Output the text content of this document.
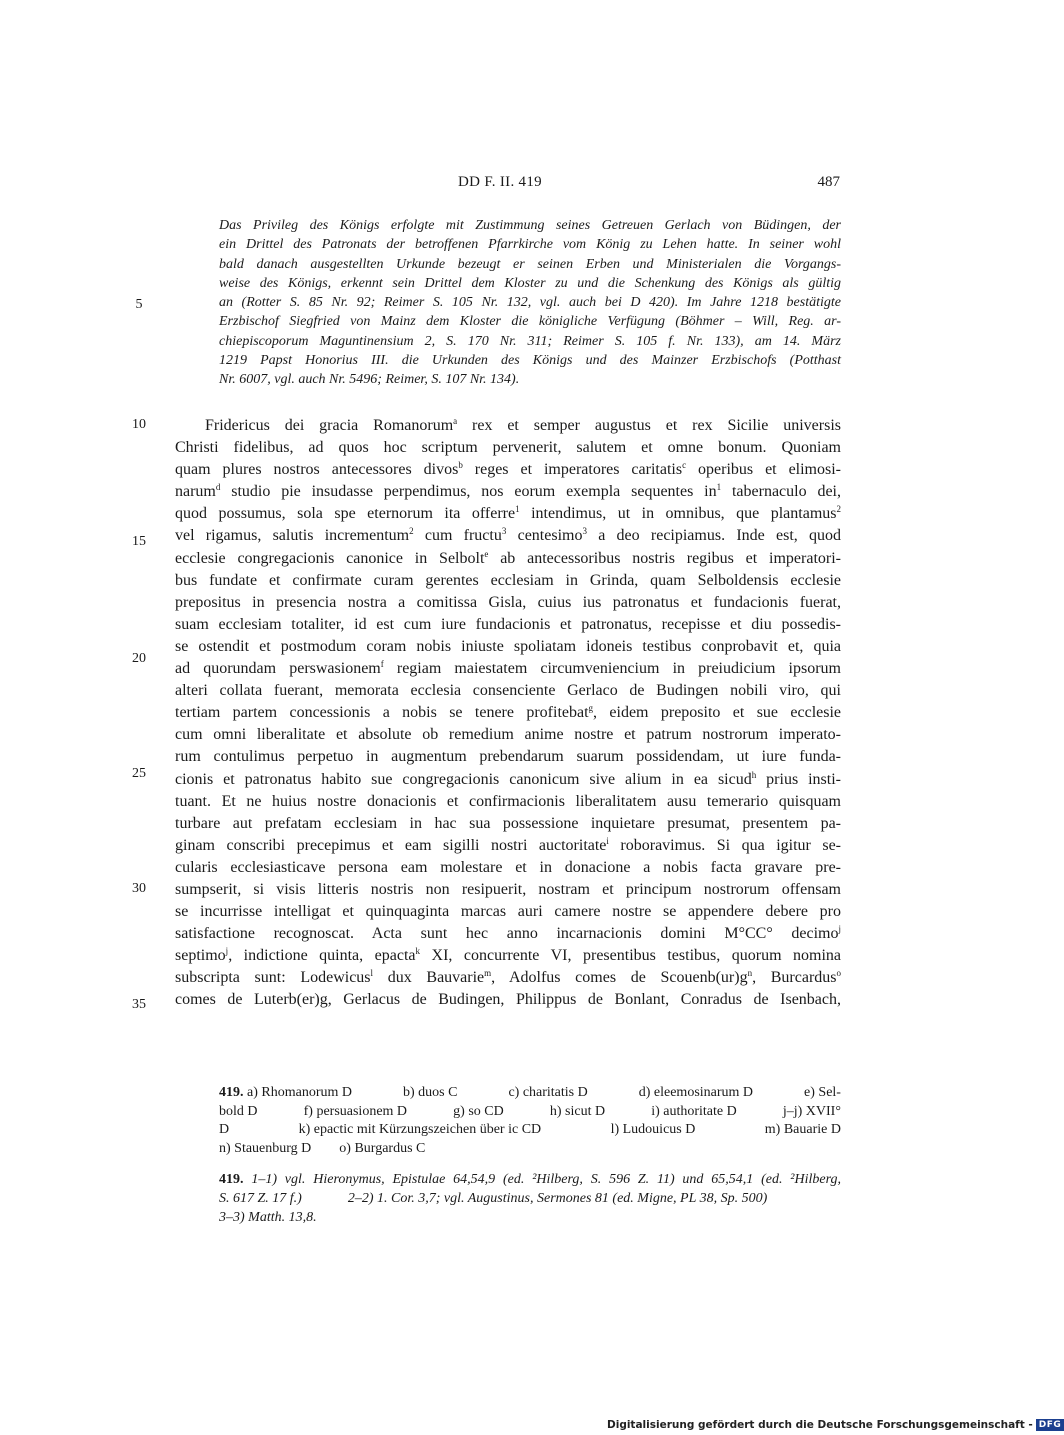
DD F. II. 419	487
Das Privileg des Königs erfolgte mit Zustimmung seines Getreuen Gerlach von Büdingen, der
ein Drittel des Patronats der betroffenen Pfarrkirche vom König zu Lehen hatte. In seiner wohl
bald danach ausgestellten Urkunde bezeugt er seinen Erben und Ministerialen die Vorgangs-
weise des Königs, erkennt sein Drittel dem Kloster zu und die Schenkung des Königs als gültig
an (Rotter S. 85 Nr. 92; Reimer S. 105 Nr. 132, vgl. auch bei D 420). Im Jahre 1218 bestätigte
Erzbischof Siegfried von Mainz dem Kloster die königliche Verfügung (Böhmer – Will, Reg. ar-
chiepiscoporum Maguntinensium 2, S. 170 Nr. 311; Reimer S. 105 f. Nr. 133), am 14. März
1219 Papst Honorius III. die Urkunden des Königs und des Mainzer Erzbischofs (Potthast
Nr. 6007, vgl. auch Nr. 5496; Reimer, S. 107 Nr. 134).
5
10
15
20
25
30
35
Fridericus dei gracia Romanorum$^a$ rex et semper augustus et rex Sicilie universis
Christi fidelibus, ad quos hoc scriptum pervenerit, salutem et omne bonum. Quoniam
quam plures nostros antecessores divos$^b$ reges et imperatores caritatis$^c$ operibus et elimosi-
narum$^d$ studio pie insudasse perpendimus, nos eorum exempla sequentes $in^1$ tabernaculo dei,
quod possumus, sola spe eternorum ita offerre$^1$ intendimus, ut in omnibus, que plantamus$^2$
vel rigamus, salutis incrementum$^2$ cum fructu$^3$ centesimo$^3$ a deo recipiamus. Inde est, quod
ecclesie congregacionis canonice in Selbolt$^e$ ab antecessoribus nostris regibus et imperatori-
bus fundate et confirmate curam gerentes ecclesiam in Grinda, quam Selboldensis ecclesie
prepositus in presencia nostra a comitissa Gisla, cuius ius patronatus et fundacionis fuerat,
suam ecclesiam totaliter, id est cum iure fundacionis et patronatus, recepisse et diu possedis-
se ostendit et postmodum coram nobis iniuste spoliatam idoneis testibus conprobavit et, quia
ad quorundam perswasionem$^f$ regiam maiestatem circumveniencium in preiudicium ipsorum
alteri collata fuerant, memorata ecclesia consenciente Gerlaco de Budingen nobili viro, qui
tertiam partem concessionis a nobis se tenere profitebat$^g$, eidem preposito et sue ecclesie
cum omni liberalitate et absolute ob remedium anime nostre et patrum nostrorum imperato-
rum contulimus perpetuo in augmentum prebendarum suarum possidendam, ut iure funda-
cionis et patronatus habito sue congregacionis canonicum sive alium in ea sicud$^h$ prius insti-
tuant. Et ne huius nostre donacionis et confirmacionis liberalitatem ausu temerario quisquam
turbare aut prefatam ecclesiam in hac sua possessione inquietare presumat, presentem pa-
ginam conscribi precepimus et eam sigilli nostri auctoritate$^i$ roboravimus. Si qua igitur se-
cularis ecclesiasticave persona eam molestare et in donacione a nobis facta gravare pre-
sumpserit, si visis litteris nostris non resipuerit, nostram et principum nostrorum offensam
se incurrisse intelligat et quinquaginta marcas auri camere nostre se appendere debere pro
satisfactione recognoscat. Acta sunt hec anno incarnacionis domini M°CC° decimo$^j$
septimo$^j$, indictione quinta, epacta$^k$ XI, concurrente VI, presentibus testibus, quorum nomina
subscripta sunt: Lodewicus$^l$ dux Bauvarie$^m$, Adolfus comes de $Scouenb(ur)g^n$, Burcardus$^o$
comes de Luterb(er)g, Gerlacus de Budingen, Philippus de Bonlant, Conradus de Isenbach,
419. a) Rhomanorum D	b) duos C	c) charitatis D	d) eleemosinarum D	e) Sel-
bold D	f) persuasionem D	g) so CD	h) sicut D	i) authoritate D	j–j) XVII°
D	k) epactic mit Kürzungszeichen über ic CD	l) Ludouicus D	m) Bauarie D
n) Stauenburg D o) Burgardus C
419. 1–1) vgl. Hieronymus, Epistulae 64,54,9 (ed. ²Hilberg, S. 596 Z. 11) und 65,54,1 (ed. ²Hilberg,
S. 617 Z. 17 f.)	2–2) 1. Cor. 3,7; vgl. Augustinus, Sermones 81 (ed. Migne, PL 38, Sp. 500)
3–3) Matth. 13,8.
Digitalisierung gefördert durch die Deutsche Forschungsgemeinschaft - DFG
